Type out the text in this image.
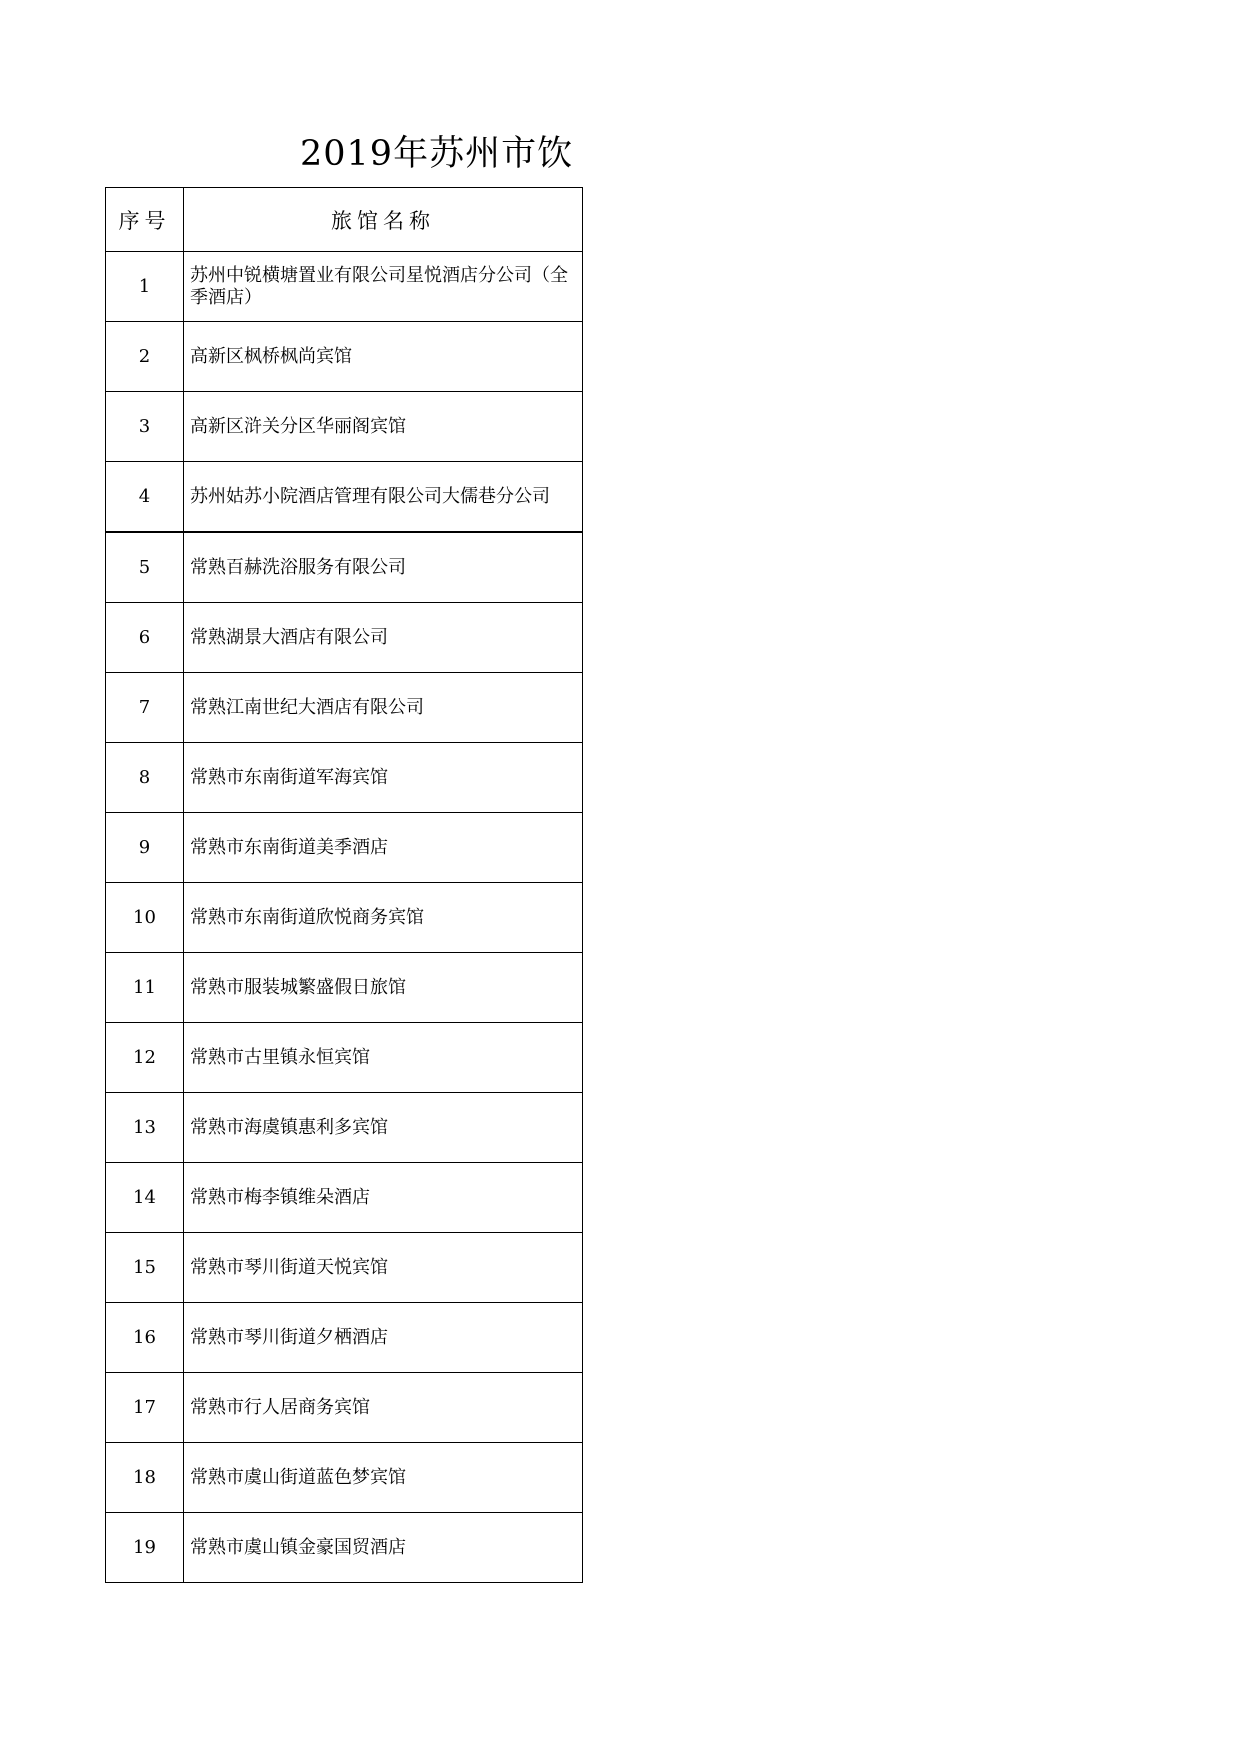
2019年苏州市饮
序号	旅馆名称
1	苏州中锐横塘置业有限公司星悦酒店分公司（全季酒店）
2	高新区枫桥枫尚宾馆
3	高新区浒关分区华丽阁宾馆
4	苏州姑苏小院酒店管理有限公司大儒巷分公司
5	常熟百赫洗浴服务有限公司
6	常熟湖景大酒店有限公司
7	常熟江南世纪大酒店有限公司
8	常熟市东南街道军海宾馆
9	常熟市东南街道美季酒店
10	常熟市东南街道欣悦商务宾馆
11	常熟市服装城繁盛假日旅馆
12	常熟市古里镇永恒宾馆
13	常熟市海虞镇惠利多宾馆
14	常熟市梅李镇维朵酒店
15	常熟市琴川街道天悦宾馆
16	常熟市琴川街道夕栖酒店
17	常熟市行人居商务宾馆
18	常熟市虞山街道蓝色梦宾馆
19	常熟市虞山镇金豪国贸酒店
